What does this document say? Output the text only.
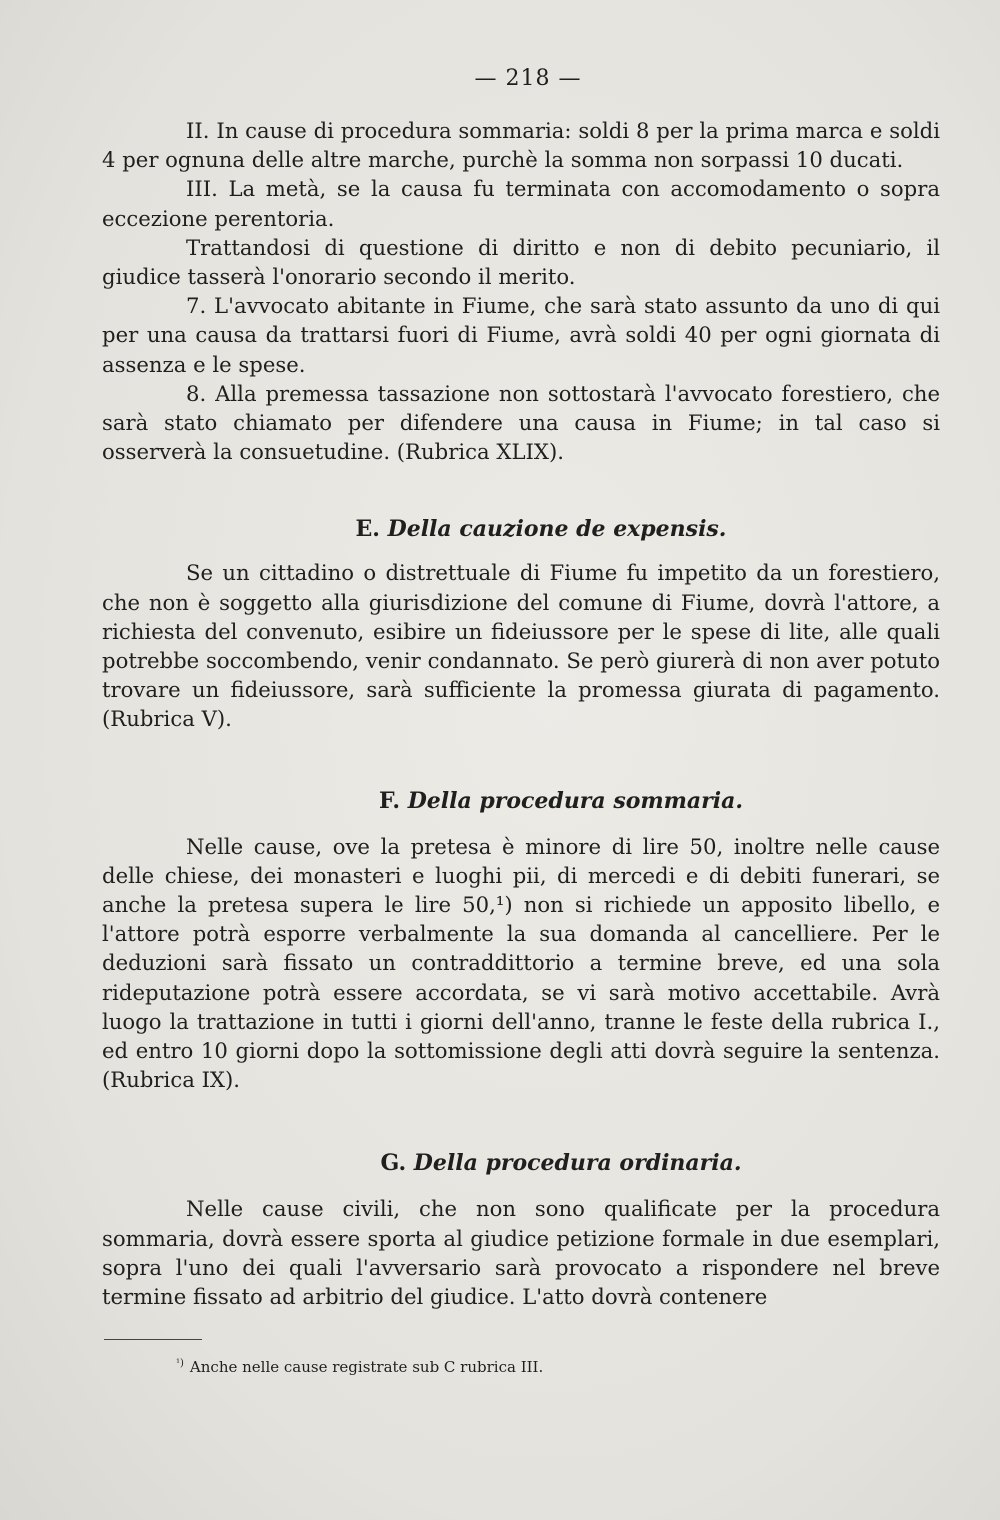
— 218 —

II. In cause di procedura sommaria: soldi 8 per la prima marca e soldi 4 per ognuna delle altre marche, purchè la somma non sorpassi 10 ducati.

III. La metà, se la causa fu terminata con accomodamento o sopra eccezione perentoria.

Trattandosi di questione di diritto e non di debito pecuniario, il giudice tasserà l'onorario secondo il merito.

7. L'avvocato abitante in Fiume, che sarà stato assunto da uno di qui per una causa da trattarsi fuori di Fiume, avrà soldi 40 per ogni giornata di assenza e le spese.

8. Alla premessa tassazione non sottostarà l'avvocato forestiero, che sarà stato chiamato per difendere una causa in Fiume; in tal caso si osserverà la consuetudine. (Rubrica XLIX).

E. Della cauzione de expensis.

Se un cittadino o distrettuale di Fiume fu impetito da un forestiero, che non è soggetto alla giurisdizione del comune di Fiume, dovrà l'attore, a richiesta del convenuto, esibire un fideiussore per le spese di lite, alle quali potrebbe soccombendo, venir condannato. Se però giurerà di non aver potuto trovare un fideiussore, sarà sufficiente la promessa giurata di pagamento. (Rubrica V).

F. Della procedura sommaria.

Nelle cause, ove la pretesa è minore di lire 50, inoltre nelle cause delle chiese, dei monasteri e luoghi pii, di mercedi e di debiti funerari, se anche la pretesa supera le lire 50,¹) non si richiede un apposito libello, e l'attore potrà esporre verbalmente la sua domanda al cancelliere. Per le deduzioni sarà fissato un contraddittorio a termine breve, ed una sola rideputazione potrà essere accordata, se vi sarà motivo accettabile. Avrà luogo la trattazione in tutti i giorni dell'anno, tranne le feste della rubrica I., ed entro 10 giorni dopo la sottomissione degli atti dovrà seguire la sentenza. (Rubrica IX).

G. Della procedura ordinaria.

Nelle cause civili, che non sono qualificate per la procedura sommaria, dovrà essere sporta al giudice petizione formale in due esemplari, sopra l'uno dei quali l'avversario sarà provocato a rispondere nel breve termine fissato ad arbitrio del giudice. L'atto dovrà contenere

$^{^1)}$ Anche nelle cause registrate sub C rubrica III.
